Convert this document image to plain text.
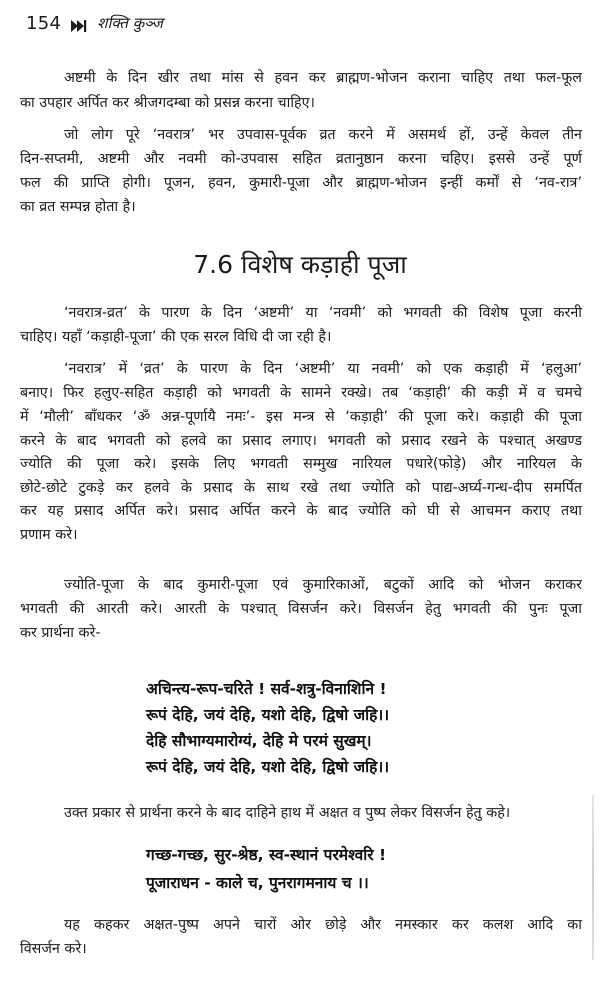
154 शक्ति कुञ्ज
अष्टमी के दिन खीर तथा मांस से हवन कर ब्राह्मण-भोजन कराना चाहिए तथा फल-फूल
का उपहार अर्पित कर श्रीजगदम्बा को प्रसन्न करना चाहिए।
जो लोग पूरे ‘नवरात्र’ भर उपवास-पूर्वक व्रत करने में असमर्थ हों, उन्हें केवल तीन
दिन-सप्तमी, अष्टमी और नवमी को-उपवास सहित व्रतानुष्ठान करना चहिए। इससे उन्हें पूर्ण
फल की प्राप्ति होगी। पूजन, हवन, कुमारी-पूजा और ब्राह्मण-भोजन इन्हीं कर्मों से ‘नव-रात्र’
का व्रत सम्पन्न होता है।
7.6 विशेष कड़ाही पूजा
‘नवरात्र-व्रत’ के पारण के दिन ‘अष्टमी’ या ‘नवमी’ को भगवती की विशेष पूजा करनी
चाहिए। यहाँ ‘कड़ाही-पूजा’ की एक सरल विधि दी जा रही है।
‘नवरात्र’ में ‘व्रत’ के पारण के दिन ‘अष्टमी’ या नवमी’ को एक कड़ाही में ‘हलुआ’
बनाए। फिर हलुए-सहित कड़ाही को भगवती के सामने रक्खे। तब ‘कड़ाही’ की कड़ी में व चमचे
में ‘मौली’ बाँधकर ‘ॐ अन्न-पूर्णायै नमः’- इस मन्त्र से ‘कड़ाही’ की पूजा करे। कड़ाही की पूजा
करने के बाद भगवती को हलवे का प्रसाद लगाए। भगवती को प्रसाद रखने के पश्चात् अखण्ड
ज्योति की पूजा करे। इसके लिए भगवती सम्मुख नारियल पधारे(फोड़े) और नारियल के
छोटे-छोटे टुकड़े कर हलवे के प्रसाद के साथ रखे तथा ज्योति को पाद्य-अर्घ्य-गन्ध-दीप समर्पित
कर यह प्रसाद अर्पित करे। प्रसाद अर्पित करने के बाद ज्योति को घी से आचमन कराए तथा
प्रणाम करे।
ज्योति-पूजा के बाद कुमारी-पूजा एवं कुमारिकाओं, बटुकों आदि को भोजन कराकर
भगवती की आरती करे। आरती के पश्चात् विसर्जन करे। विसर्जन हेतु भगवती की पुनः पूजा
कर प्रार्थना करे-
अचिन्त्य-रूप-चरिते ! सर्व-शत्रु-विनाशिनि !
रूपं देहि, जयं देहि, यशो देहि, द्विषो जहि।।
देहि सौभाग्यमारोग्यं, देहि मे परमं सुखम्।
रूपं देहि, जयं देहि, यशो देहि, द्विषो जहि।।
उक्त प्रकार से प्रार्थना करने के बाद दाहिने हाथ में अक्षत व पुष्प लेकर विसर्जन हेतु कहे।
गच्छ-गच्छ, सुर-श्रेष्ठ, स्व-स्थानं परमेश्वरि !
पूजाराधन - काले च, पुनरागमनाय च ।।
यह कहकर अक्षत-पुष्प अपने चारों ओर छोड़े और नमस्कार कर कलश आदि का
विसर्जन करे।
